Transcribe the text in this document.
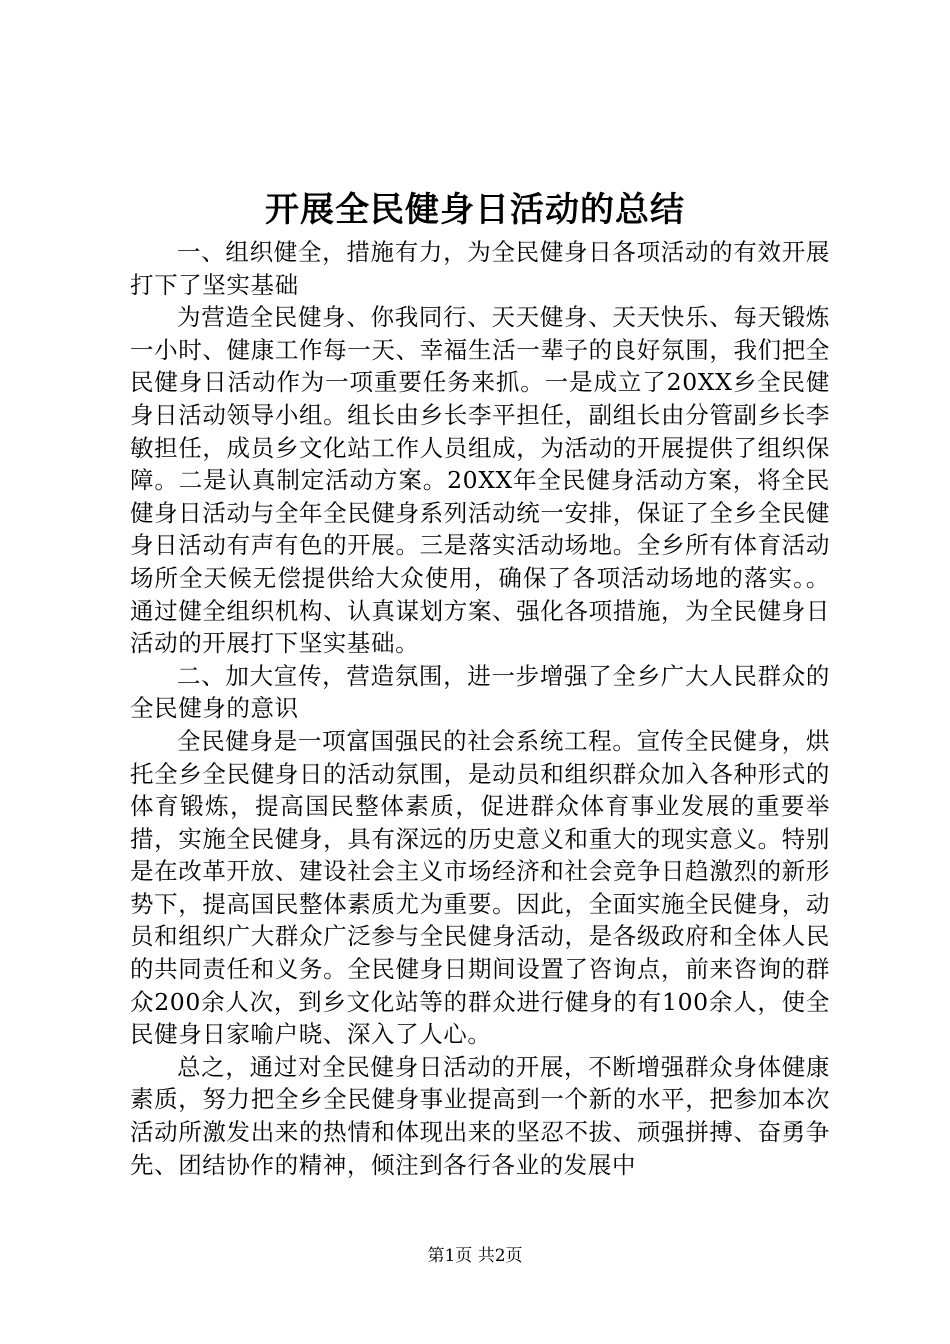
开展全民健身日活动的总结

一、组织健全，措施有力，为全民健身日各项活动的有效开展打下了坚实基础

为营造全民健身、你我同行、天天健身、天天快乐、每天锻炼一小时、健康工作每一天、幸福生活一辈子的良好氛围，我们把全民健身日活动作为一项重要任务来抓。一是成立了20XX乡全民健身日活动领导小组。组长由乡长李平担任，副组长由分管副乡长李敏担任，成员乡文化站工作人员组成，为活动的开展提供了组织保障。二是认真制定活动方案。20XX年全民健身活动方案，将全民健身日活动与全年全民健身系列活动统一安排，保证了全乡全民健身日活动有声有色的开展。三是落实活动场地。全乡所有体育活动场所全天候无偿提供给大众使用，确保了各项活动场地的落实。。通过健全组织机构、认真谋划方案、强化各项措施，为全民健身日活动的开展打下坚实基础。

二、加大宣传，营造氛围，进一步增强了全乡广大人民群众的全民健身的意识

全民健身是一项富国强民的社会系统工程。宣传全民健身，烘托全乡全民健身日的活动氛围，是动员和组织群众加入各种形式的体育锻炼，提高国民整体素质，促进群众体育事业发展的重要举措，实施全民健身，具有深远的历史意义和重大的现实意义。特别是在改革开放、建设社会主义市场经济和社会竞争日趋激烈的新形势下，提高国民整体素质尤为重要。因此，全面实施全民健身，动员和组织广大群众广泛参与全民健身活动，是各级政府和全体人民的共同责任和义务。全民健身日期间设置了咨询点，前来咨询的群众200余人次，到乡文化站等的群众进行健身的有100余人，使全民健身日家喻户晓、深入了人心。

总之，通过对全民健身日活动的开展，不断增强群众身体健康素质，努力把全乡全民健身事业提高到一个新的水平，把参加本次活动所激发出来的热情和体现出来的坚忍不拔、顽强拼搏、奋勇争先、团结协作的精神，倾注到各行各业的发展中

第1页 共2页
